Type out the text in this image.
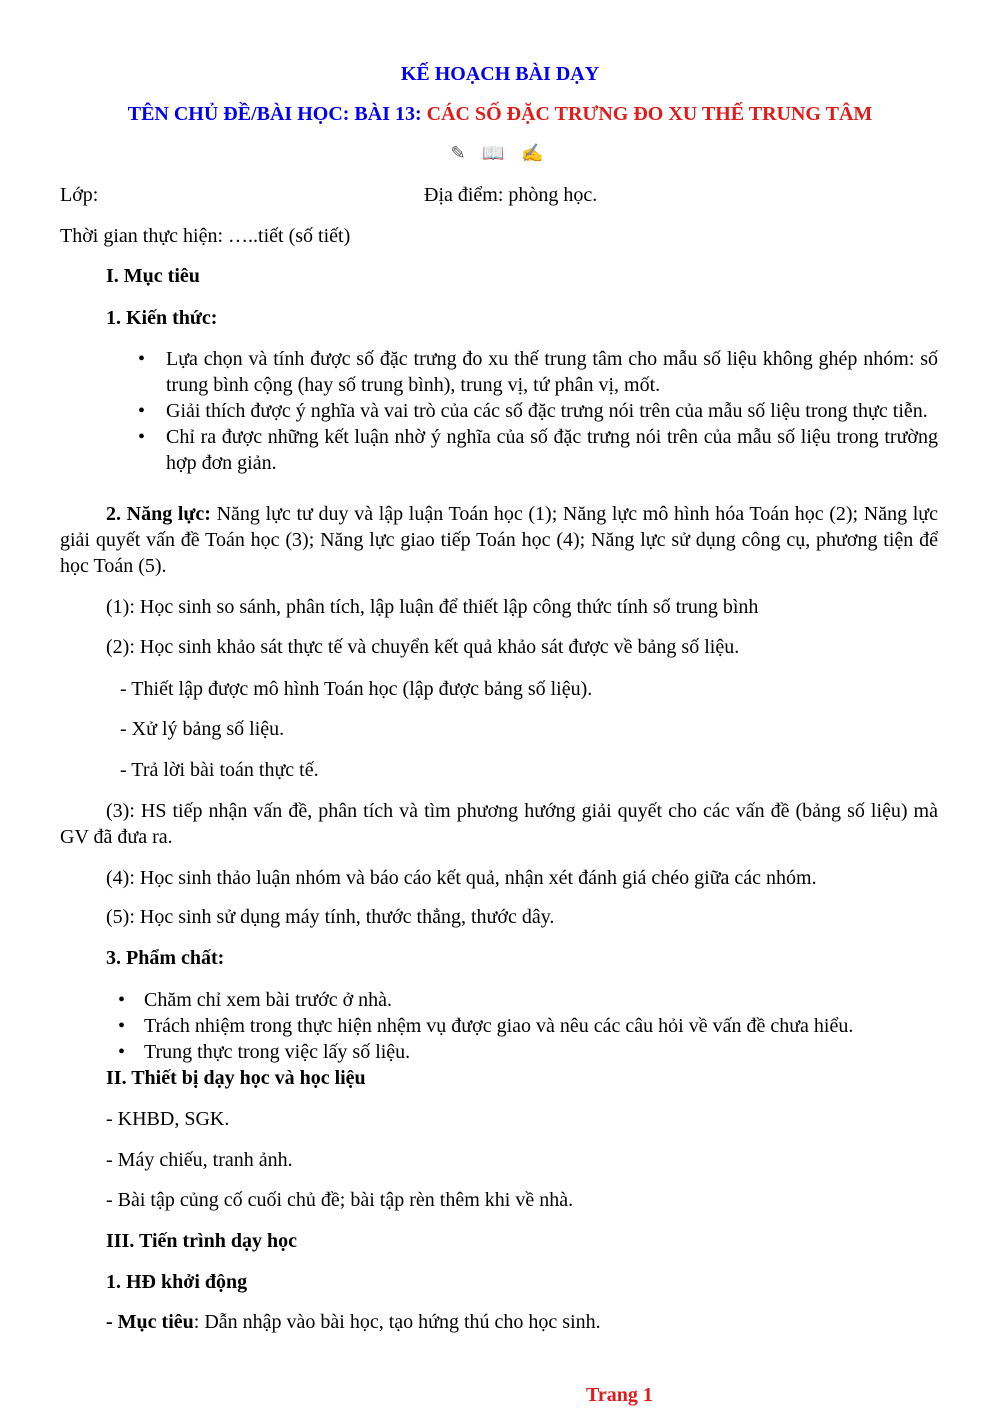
KẾ HOẠCH BÀI DẠY
TÊN CHỦ ĐỀ/BÀI HỌC: BÀI 13: CÁC SỐ ĐẶC TRƯNG ĐO XU THẾ TRUNG TÂM
✎ 📖 ✍
Lớp:	Địa điểm: phòng học.
Thời gian thực hiện: …..tiết (số tiết)
I. Mục tiêu
1. Kiến thức:
• Lựa chọn và tính được số đặc trưng đo xu thế trung tâm cho mẫu số liệu không ghép nhóm: số trung bình cộng (hay số trung bình), trung vị, tứ phân vị, mốt.
• Giải thích được ý nghĩa và vai trò của các số đặc trưng nói trên của mẫu số liệu trong thực tiễn.
• Chỉ ra được những kết luận nhờ ý nghĩa của số đặc trưng nói trên của mẫu số liệu trong trường hợp đơn giản.
2. Năng lực: Năng lực tư duy và lập luận Toán học (1); Năng lực mô hình hóa Toán học (2); Năng lực giải quyết vấn đề Toán học (3); Năng lực giao tiếp Toán học (4); Năng lực sử dụng công cụ, phương tiện để học Toán (5).
(1): Học sinh so sánh, phân tích, lập luận để thiết lập công thức tính số trung bình
(2): Học sinh khảo sát thực tế và chuyển kết quả khảo sát được về bảng số liệu.
- Thiết lập được mô hình Toán học (lập được bảng số liệu).
- Xử lý bảng số liệu.
- Trả lời bài toán thực tế.
(3): HS tiếp nhận vấn đề, phân tích và tìm phương hướng giải quyết cho các vấn đề (bảng số liệu) mà GV đã đưa ra.
(4): Học sinh thảo luận nhóm và báo cáo kết quả, nhận xét đánh giá chéo giữa các nhóm.
(5): Học sinh sử dụng máy tính, thước thẳng, thước dây.
3. Phẩm chất:
• Chăm chỉ xem bài trước ở nhà.
• Trách nhiệm trong thực hiện nhệm vụ được giao và nêu các câu hỏi về vấn đề chưa hiểu.
• Trung thực trong việc lấy số liệu.
II. Thiết bị dạy học và học liệu
- KHBD, SGK.
- Máy chiếu, tranh ảnh.
- Bài tập củng cố cuối chủ đề; bài tập rèn thêm khi về nhà.
III. Tiến trình dạy học
1. HĐ khởi động
- Mục tiêu: Dẫn nhập vào bài học, tạo hứng thú cho học sinh.
Trang 1
